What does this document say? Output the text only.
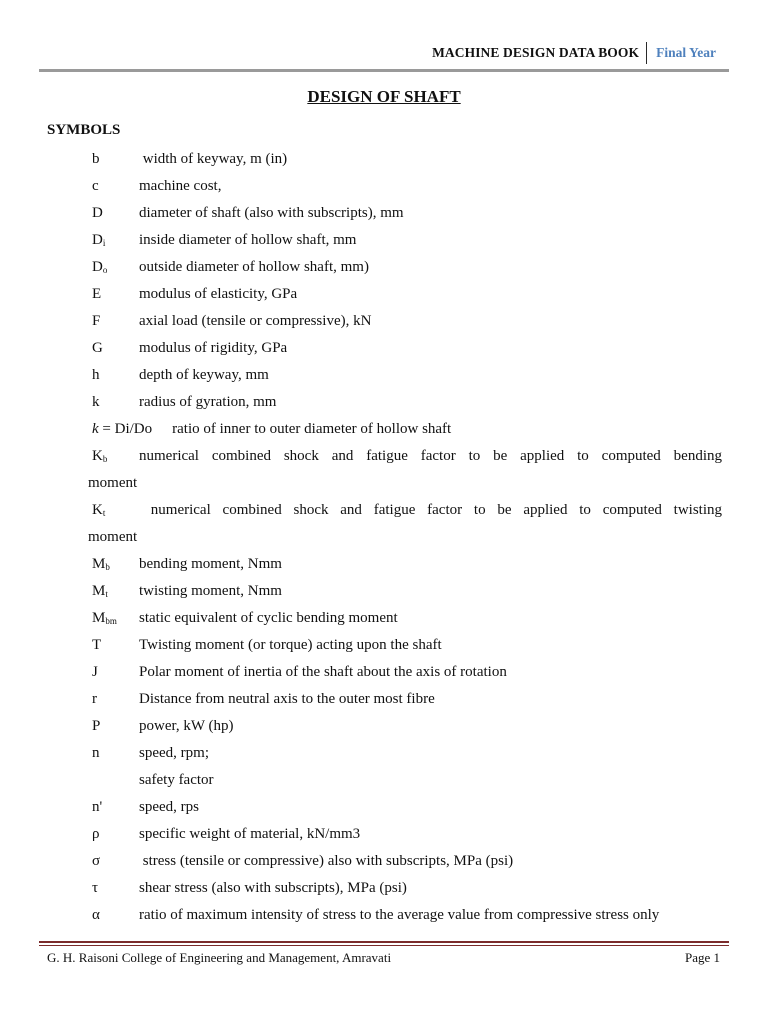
MACHINE DESIGN DATA BOOK	Final Year
DESIGN OF SHAFT
SYMBOLS
b	width of keyway, m (in)
c	machine cost,
D diameter of shaft (also with subscripts), mm
$D_i$ inside diameter of hollow shaft, mm
$D_o$ outside diameter of hollow shaft, mm)
E	modulus of elasticity, GPa
F	axial load (tensile or compressive), kN
G modulus of rigidity, GPa
h	depth of keyway, mm
k	radius of gyration, mm
k = Di/Do ratio of inner to outer diameter of hollow shaft
$K_b$ numerical combined shock and fatigue factor to be applied to computed bending
moment
$K_t$ numerical combined shock and fatigue factor to be applied to computed twisting
moment
$M_b$ bending moment, Nmm
$M_t$ twisting moment, Nmm
$M_{bm}$ static equivalent of cyclic bending moment
T	Twisting moment (or torque) acting upon the shaft
J	Polar moment of inertia of the shaft about the axis of rotation
r	Distance from neutral axis to the outer most fibre
P	power, kW (hp)
n	speed, rpm;
safety factor
n' speed, rps
ρ	specific weight of material, kN/mm3
σ	stress (tensile or compressive) also with subscripts, MPa (psi)
τ	shear stress (also with subscripts), MPa (psi)
α	ratio of maximum intensity of stress to the average value from compressive stress only
G. H. Raisoni College of Engineering and Management, Amravati	Page 1
